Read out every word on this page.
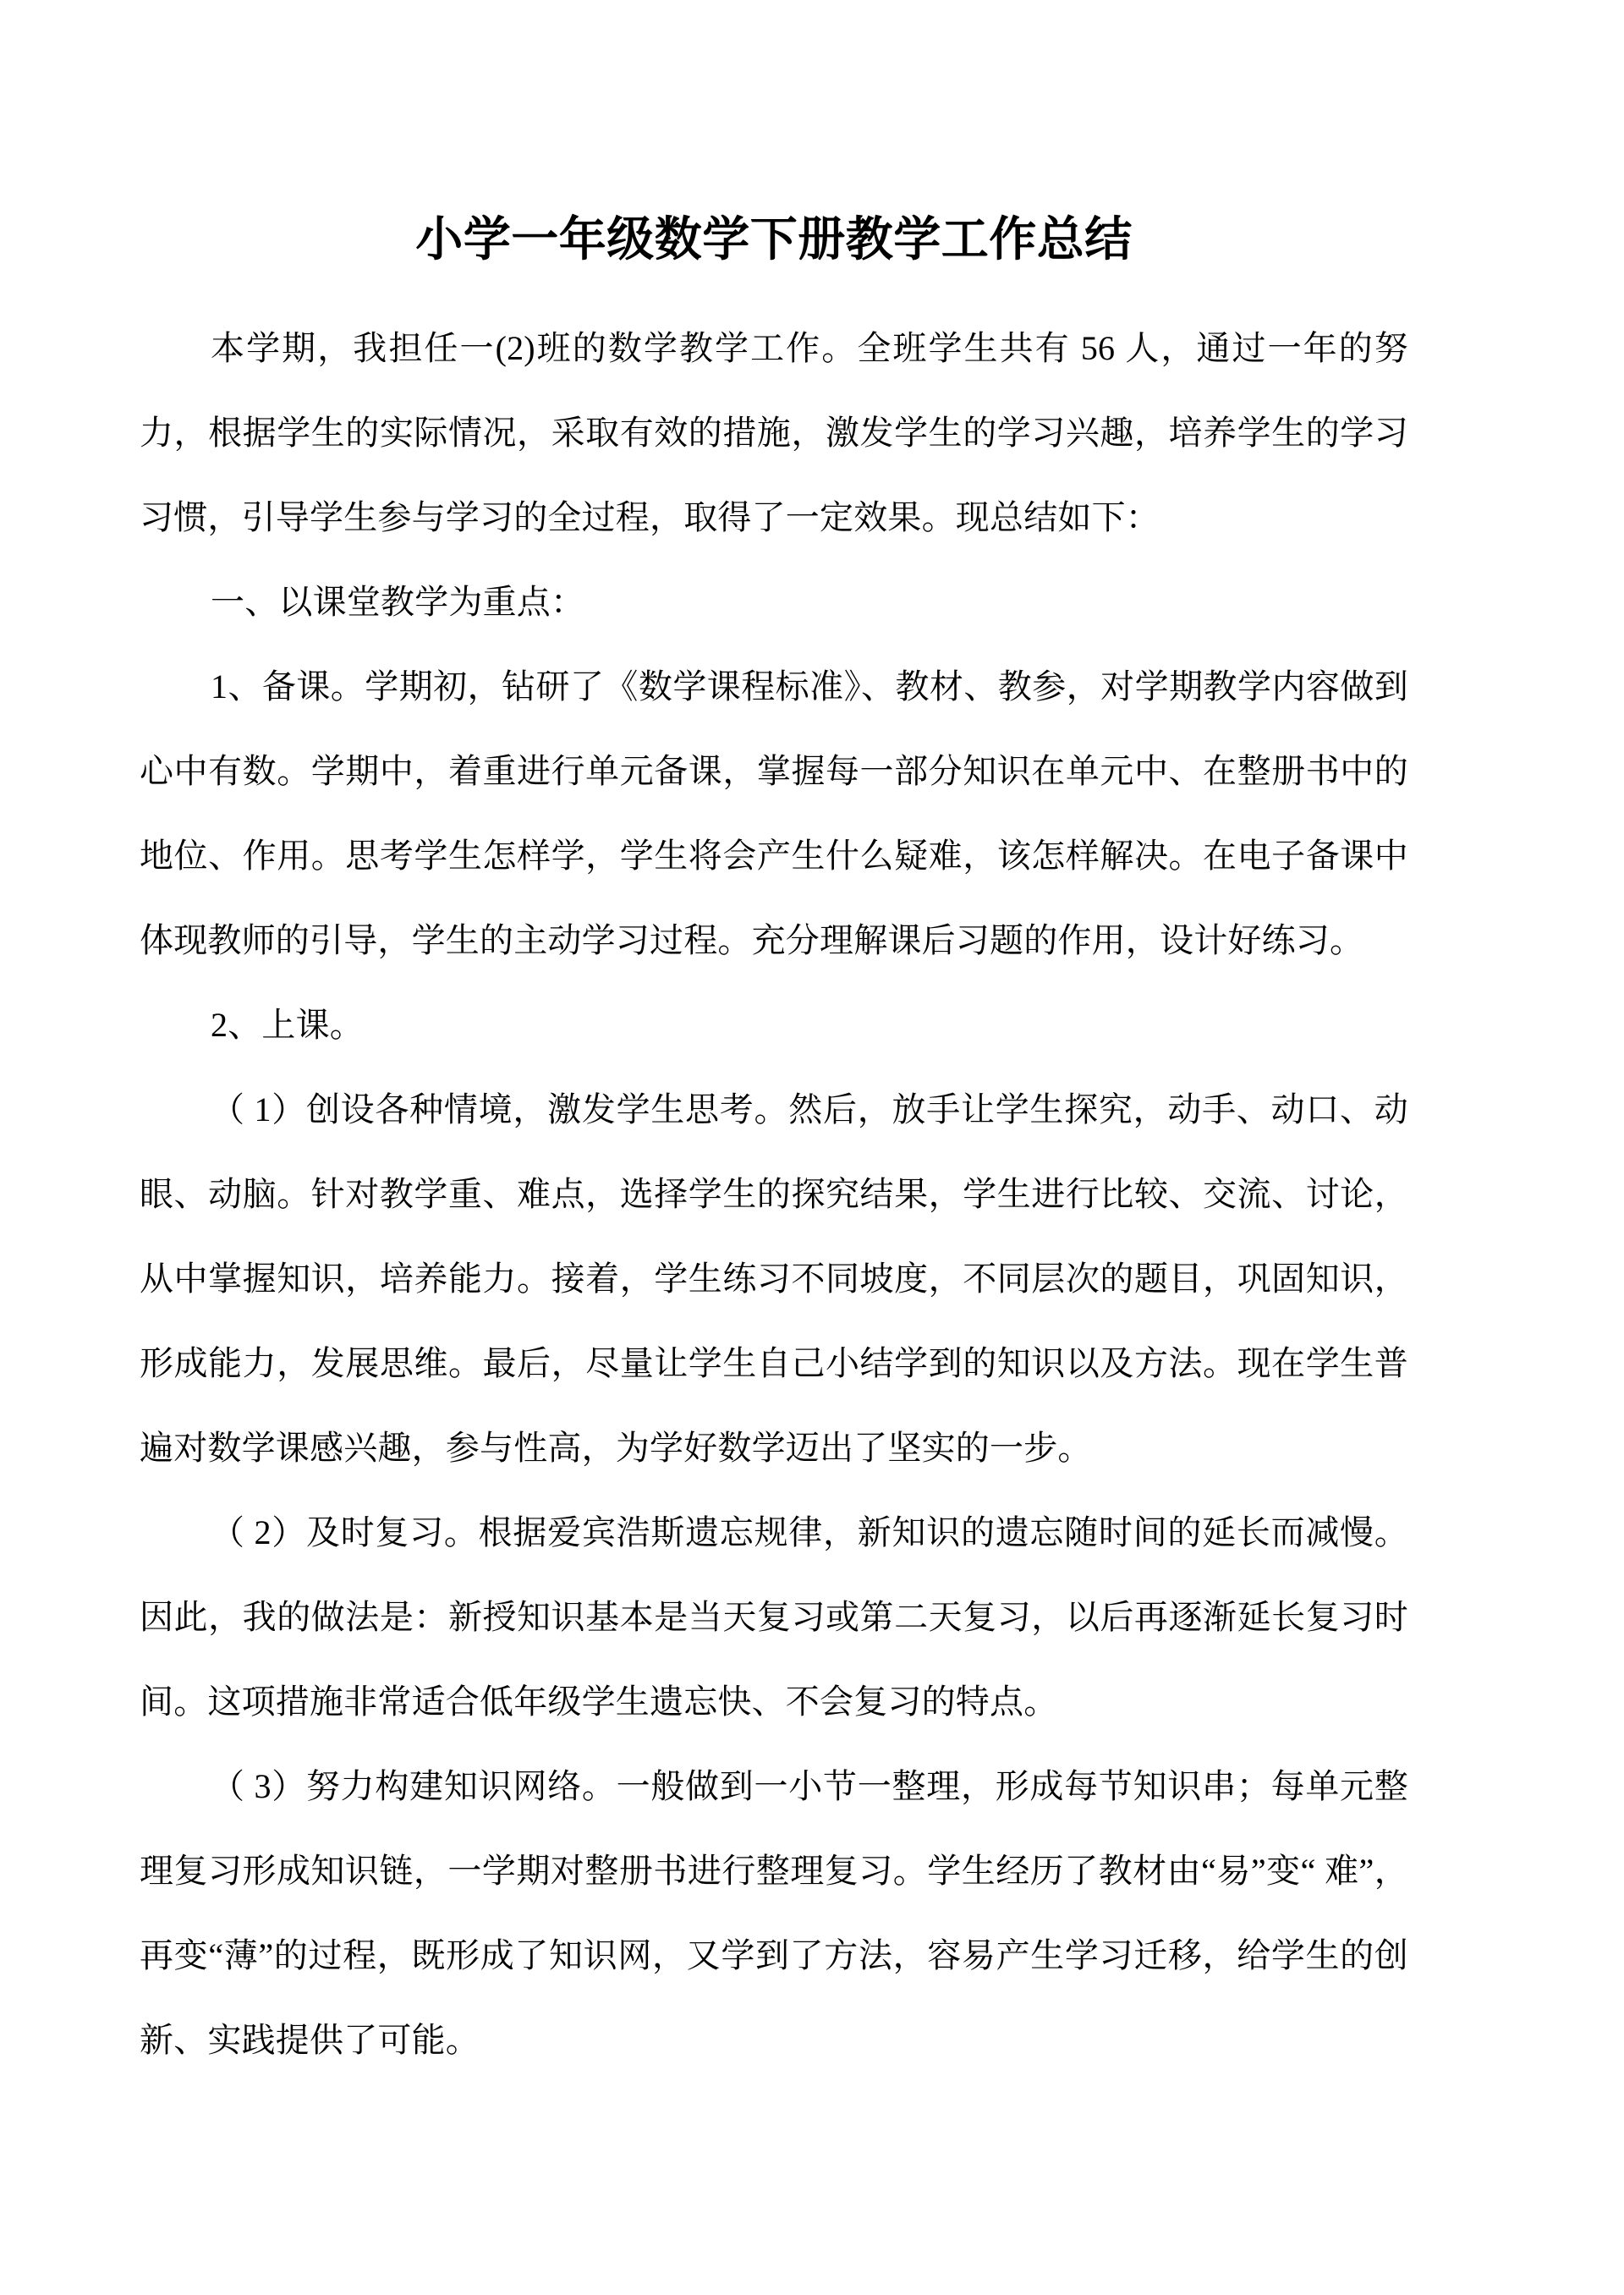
小学一年级数学下册教学工作总结

本学期，我担任一(2)班的数学教学工作。全班学生共有 56 人，通过一年的努力，根据学生的实际情况，采取有效的措施，激发学生的学习兴趣，培养学生的学习习惯，引导学生参与学习的全过程，取得了一定效果。现总结如下：

一、以课堂教学为重点：

1、备课。学期初，钻研了《数学课程标准》、教材、教参，对学期教学内容做到心中有数。学期中，着重进行单元备课，掌握每一部分知识在单元中、在整册书中的地位、作用。思考学生怎样学，学生将会产生什么疑难，该怎样解决。在电子备课中体现教师的引导，学生的主动学习过程。充分理解课后习题的作用，设计好练习。

2、上课。

（ 1）创设各种情境，激发学生思考。然后，放手让学生探究，动手、动口、动眼、动脑。针对教学重、难点，选择学生的探究结果，学生进行比较、交流、讨论，从中掌握知识，培养能力。接着，学生练习不同坡度，不同层次的题目，巩固知识，形成能力，发展思维。最后，尽量让学生自己小结学到的知识以及方法。现在学生普遍对数学课感兴趣，参与性高，为学好数学迈出了坚实的一步。

（ 2）及时复习。根据爱宾浩斯遗忘规律，新知识的遗忘随时间的延长而减慢。因此，我的做法是：新授知识基本是当天复习或第二天复习，以后再逐渐延长复习时间。这项措施非常适合低年级学生遗忘快、不会复习的特点。

（ 3）努力构建知识网络。一般做到一小节一整理，形成每节知识串；每单元整理复习形成知识链，一学期对整册书进行整理复习。学生经历了教材由“易”变“ 难”，再变“薄”的过程，既形成了知识网，又学到了方法，容易产生学习迁移，给学生的创新、实践提供了可能。
